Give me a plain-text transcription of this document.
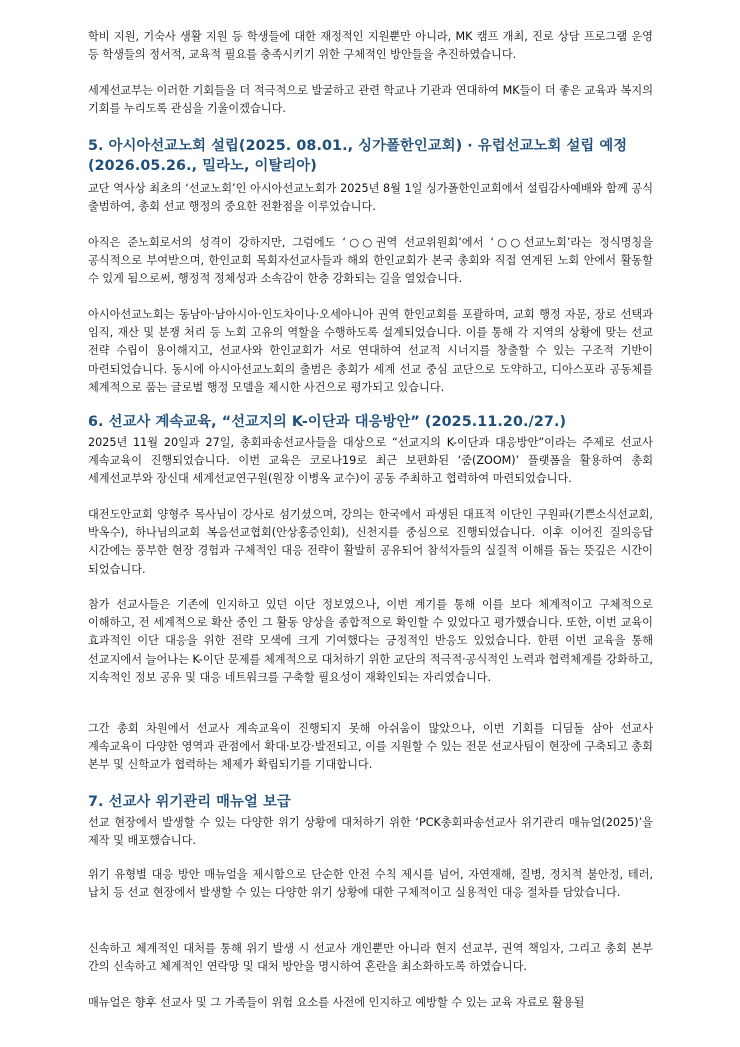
학비 지원, 기숙사 생활 지원 등 학생들에 대한 재정적인 지원뿐만 아니라, MK 캠프 개최, 진로 상담 프로그램 운영 등 학생들의 정서적, 교육적 필요를 충족시키기 위한 구체적인 방안들을 추진하였습니다.

세계선교부는 이러한 기회들을 더 적극적으로 발굴하고 관련 학교나 기관과 연대하여 MK들이 더 좋은 교육과 복지의 기회를 누리도록 관심을 기울이겠습니다.

5. 아시아선교노회 설립(2025. 08.01., 싱가폴한인교회) · 유럽선교노회 설립 예정(2026.05.26., 밀라노, 이탈리아)

교단 역사상 최초의 ‘선교노회’인 아시아선교노회가 2025년 8월 1일 싱가폴한인교회에서 설립감사예배와 함께 공식 출범하여, 총회 선교 행정의 중요한 전환점을 이루었습니다.

아직은 준노회로서의 성격이 강하지만, 그럼에도 ‘○○권역 선교위원회’에서 ‘○○선교노회’라는 정식명칭을 공식적으로 부여받으며, 한인교회 목회자선교사들과 해외 한인교회가 본국 총회와 직접 연계된 노회 안에서 활동할 수 있게 됨으로써, 행정적 정체성과 소속감이 한층 강화되는 길을 열었습니다.

아시아선교노회는 동남아·남아시아·인도차이나·오세아니아 권역 한인교회를 포괄하며, 교회 행정 자문, 장로 선택과 임직, 재산 및 분쟁 처리 등 노회 고유의 역할을 수행하도록 설계되었습니다. 이를 통해 각 지역의 상황에 맞는 선교 전략 수립이 용이해지고, 선교사와 한인교회가 서로 연대하여 선교적 시너지를 창출할 수 있는 구조적 기반이 마련되었습니다. 동시에 아시아선교노회의 출범은 총회가 세계 선교 중심 교단으로 도약하고, 디아스포라 공동체를 체계적으로 품는 글로벌 행정 모델을 제시한 사건으로 평가되고 있습니다.

6. 선교사 계속교육, “선교지의 K-이단과 대응방안” (2025.11.20./27.)

2025년 11월 20일과 27일, 총회파송선교사들을 대상으로 “선교지의 K-이단과 대응방안”이라는 주제로 선교사 계속교육이 진행되었습니다. 이번 교육은 코로나19로 최근 보편화된 ‘줌(ZOOM)’ 플랫폼을 활용하여 총회 세계선교부와 장신대 세계선교연구원(원장 이병옥 교수)이 공동 주최하고 협력하여 마련되었습니다.

대전도안교회 양형주 목사님이 강사로 섬기셨으며, 강의는 한국에서 파생된 대표적 이단인 구원파(기쁜소식선교회, 박옥수), 하나님의교회 복음선교협회(안상홍증인회), 신천지를 중심으로 진행되었습니다. 이후 이어진 질의응답 시간에는 풍부한 현장 경험과 구체적인 대응 전략이 활발히 공유되어 참석자들의 실질적 이해를 돕는 뜻깊은 시간이 되었습니다.

참가 선교사들은 기존에 인지하고 있던 이단 정보였으나, 이번 계기를 통해 이를 보다 체계적이고 구체적으로 이해하고, 전 세계적으로 확산 중인 그 활동 양상을 종합적으로 확인할 수 있었다고 평가했습니다. 또한, 이번 교육이 효과적인 이단 대응을 위한 전략 모색에 크게 기여했다는 긍정적인 반응도 있었습니다. 한편 이번 교육을 통해 선교지에서 늘어나는 K-이단 문제를 체계적으로 대처하기 위한 교단의 적극적·공식적인 노력과 협력체계를 강화하고, 지속적인 정보 공유 및 대응 네트워크를 구축할 필요성이 재확인되는 자리였습니다.

그간 총회 차원에서 선교사 계속교육이 진행되지 못해 아쉬움이 많았으나, 이번 기회를 디딤돌 삼아 선교사 계속교육이 다양한 영역과 관점에서 확대·보강·발전되고, 이를 지원할 수 있는 전문 선교사팀이 현장에 구축되고 총회 본부 및 신학교가 협력하는 체제가 확립되기를 기대합니다.

7. 선교사 위기관리 매뉴얼 보급

선교 현장에서 발생할 수 있는 다양한 위기 상황에 대처하기 위한 ‘PCK총회파송선교사 위기관리 매뉴얼(2025)’을 제작 및 배포했습니다.

위기 유형별 대응 방안 매뉴얼을 제시함으로 단순한 안전 수칙 제시를 넘어, 자연재해, 질병, 정치적 불안정, 테러, 납치 등 선교 현장에서 발생할 수 있는 다양한 위기 상황에 대한 구체적이고 실용적인 대응 절차를 담았습니다.

신속하고 체계적인 대처를 통해 위기 발생 시 선교사 개인뿐만 아니라 현지 선교부, 권역 책임자, 그리고 총회 본부 간의 신속하고 체계적인 연락망 및 대처 방안을 명시하여 혼란을 최소화하도록 하였습니다.

매뉴얼은 향후 선교사 및 그 가족들이 위험 요소를 사전에 인지하고 예방할 수 있는 교육 자료로 활용될
